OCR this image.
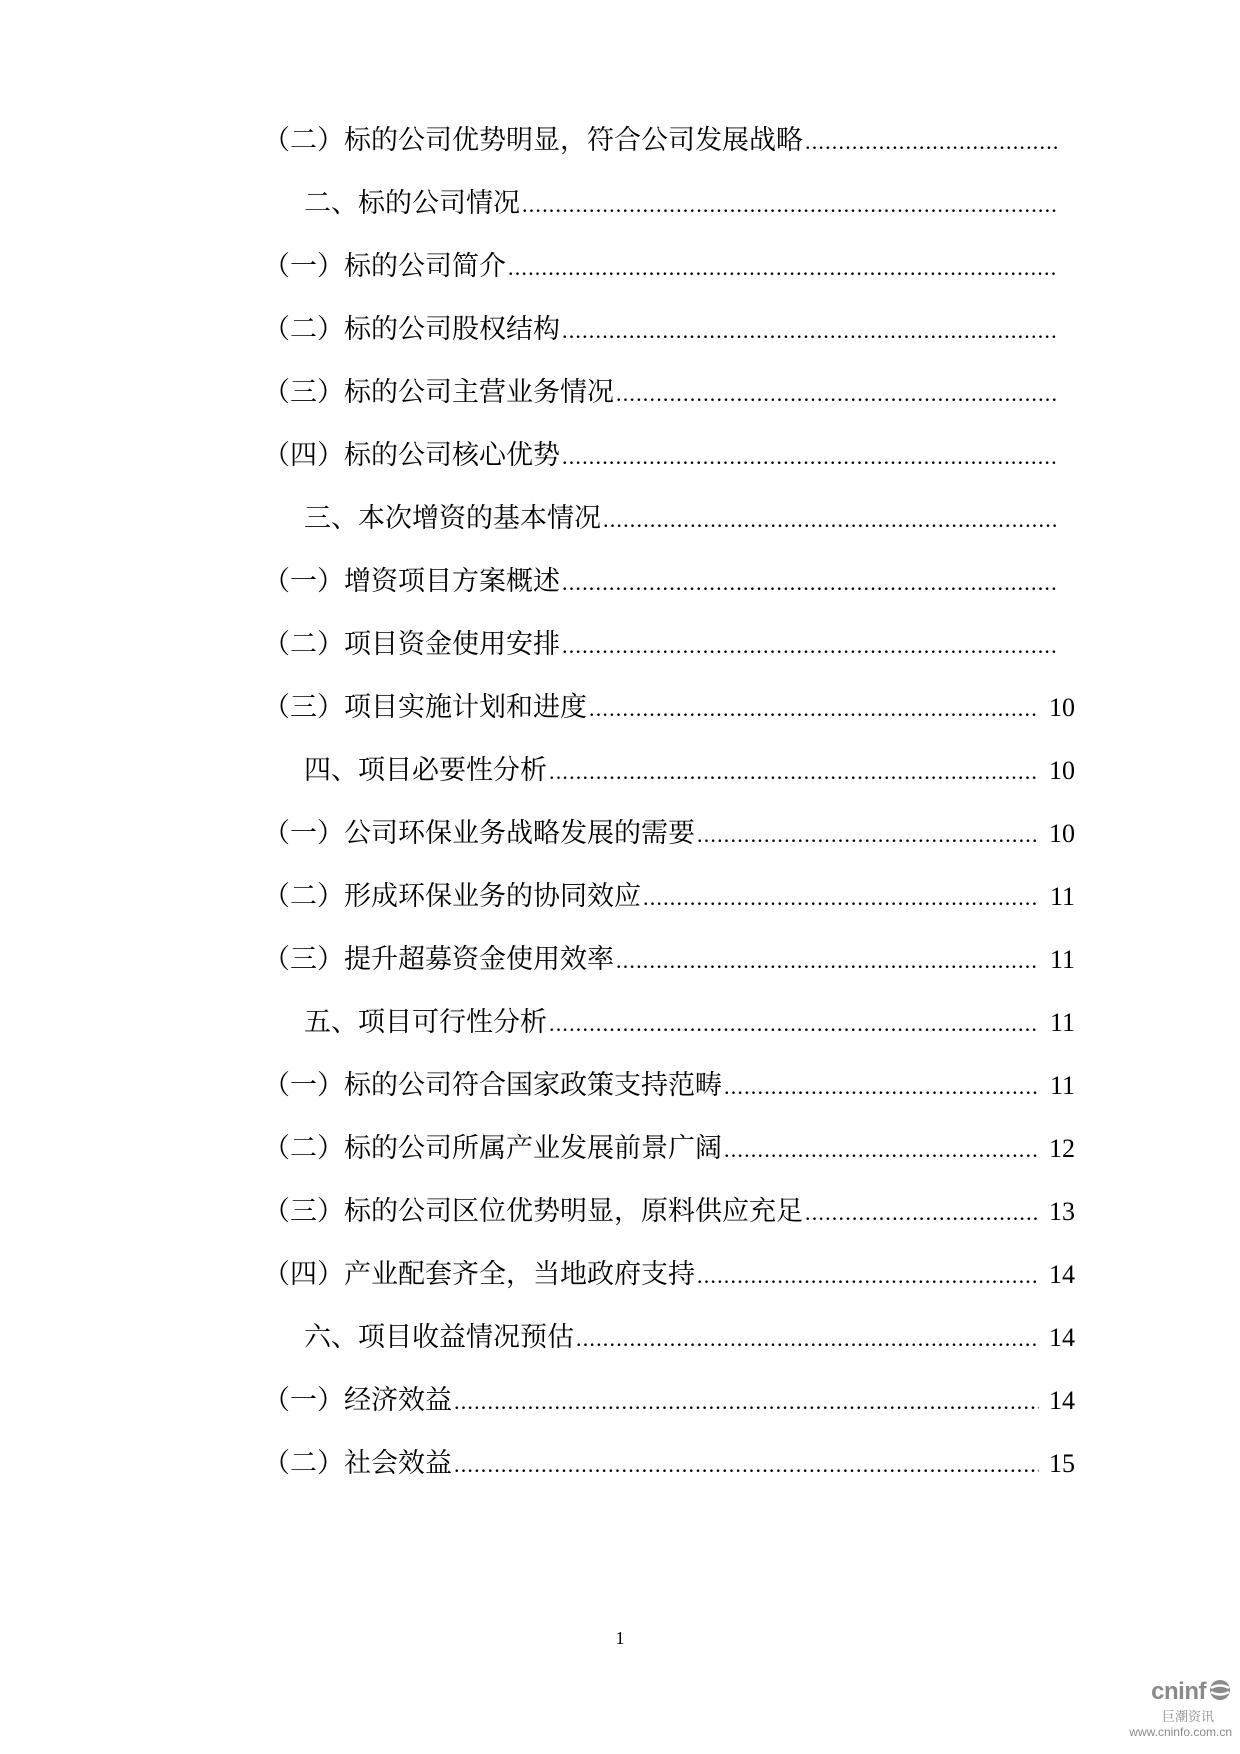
（二）标的公司优势明显，符合公司发展战略
.....
二、标的公司情况
.....
（一）标的公司简介
.....
（二）标的公司股权结构
.....
（三）标的公司主营业务情况
.....
（四）标的公司核心优势
.....
三、本次增资的基本情况
.....
（一）增资项目方案概述
.....
（二）项目资金使用安排
.....
（三）项目实施计划和进度 .....	10
四、项目必要性分析 .....	10
（一）公司环保业务战略发展的需要 .....	10
（二）形成环保业务的协同效应 .....	11
（三）提升超募资金使用效率 .....	11
五、项目可行性分析 .....	11
（一）标的公司符合国家政策支持范畴 .....	11
（二）标的公司所属产业发展前景广阔 .....	12
（三）标的公司区位优势明显，原料供应充足 .....	13
（四）产业配套齐全，当地政府支持 .....	14
六、项目收益情况预估 .....	14
（一）经济效益 .....	14
（二）社会效益 .....	15
1
cninf
巨潮资讯
www.cninfo.com.cn
